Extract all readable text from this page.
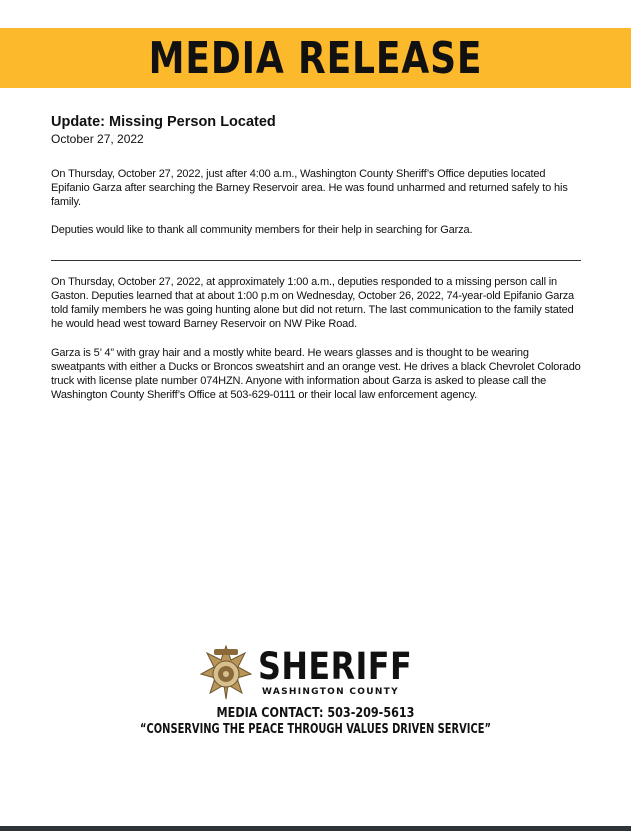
MEDIA RELEASE

Update: Missing Person Located

October 27, 2022

On Thursday, October 27, 2022, just after 4:00 a.m., Washington County Sheriff’s Office deputies located Epifanio Garza after searching the Barney Reservoir area. He was found unharmed and returned safely to his family.

Deputies would like to thank all community members for their help in searching for Garza.

On Thursday, October 27, 2022, at approximately 1:00 a.m., deputies responded to a missing person call in Gaston. Deputies learned that at about 1:00 p.m on Wednesday, October 26, 2022, 74-year-old Epifanio Garza told family members he was going hunting alone but did not return. The last communication to the family stated he would head west toward Barney Reservoir on NW Pike Road.

Garza is 5’ 4” with gray hair and a mostly white beard. He wears glasses and is thought to be wearing sweatpants with either a Ducks or Broncos sweatshirt and an orange vest. He drives a black Chevrolet Colorado truck with license plate number 074HZN. Anyone with information about Garza is asked to please call the Washington County Sheriff’s Office at 503-629-0111 or their local law enforcement agency.

SHERIFF
WASHINGTON COUNTY
MEDIA CONTACT: 503-209-5613
“CONSERVING THE PEACE THROUGH VALUES DRIVEN SERVICE”
